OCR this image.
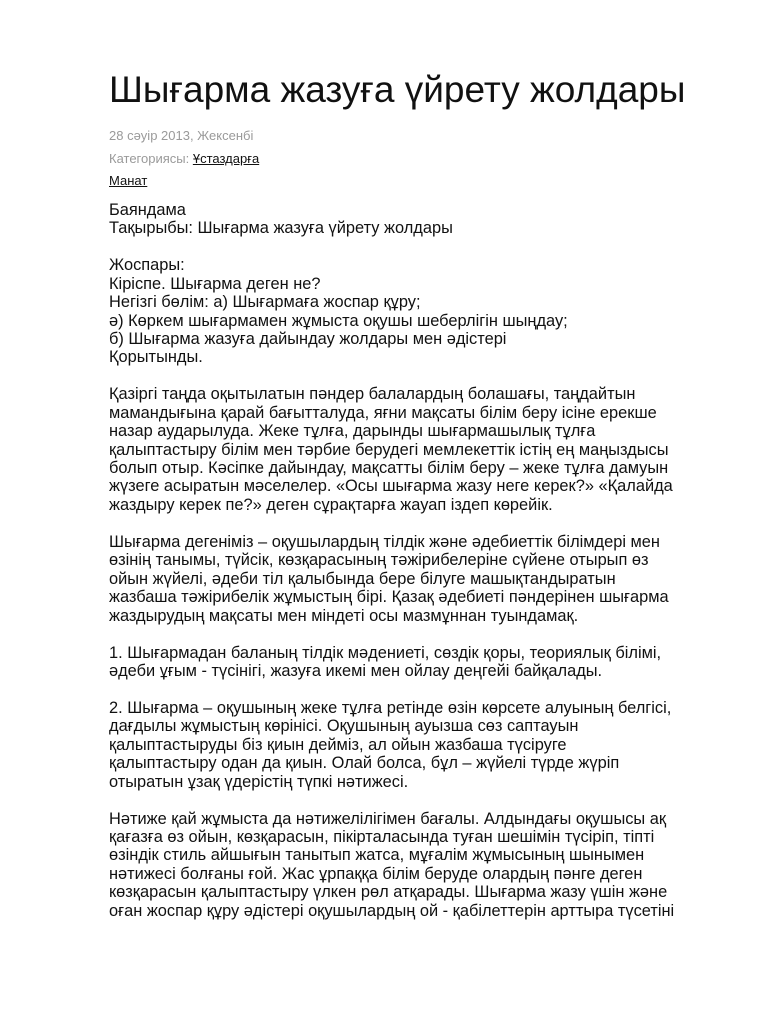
Шығарма жазуға үйрету жолдары
28 сәуір 2013, Жексенбі
Категориясы: Ұстаздарға
Манат
Баяндама
Тақырыбы: Шығарма жазуға үйрету жолдары
Жоспары:
Кіріспе. Шығарма деген не?
Негізгі бөлім: а) Шығармаға жоспар құру;
ә) Көркем шығармамен жұмыста оқушы шеберлігін шыңдау;
б) Шығарма жазуға дайындау жолдары мен әдістері
Қорытынды.
Қазіргі таңда оқытылатын пәндер балалардың болашағы, таңдайтын
мамандығына қарай бағытталуда, яғни мақсаты білім беру ісіне ерекше
назар аударылуда. Жеке тұлға, дарынды шығармашылық тұлға
қалыптастыру білім мен тәрбие берудегі мемлекеттік істің ең маңыздысы
болып отыр. Кәсіпке дайындау, мақсатты білім беру – жеке тұлға дамуын
жүзеге асыратын мәселелер. «Осы шығарма жазу неге керек?» «Қалайда
жаздыру керек пе?» деген сұрақтарға жауап іздеп көрейік.
Шығарма дегеніміз – оқушылардың тілдік және әдебиеттік білімдері мен
өзінің танымы, түйсік, көзқарасының тәжірибелеріне сүйене отырып өз
ойын жүйелі, әдеби тіл қалыбында бере білуге машықтандыратын
жазбаша тәжірибелік жұмыстың бірі. Қазақ әдебиеті пәндерінен шығарма
жаздырудың мақсаты мен міндеті осы мазмұннан туындамақ.
1. Шығармадан баланың тілдік мәдениеті, сөздік қоры, теориялық білімі,
әдеби ұғым - түсінігі, жазуға икемі мен ойлау деңгейі байқалады.
2. Шығарма – оқушының жеке тұлға ретінде өзін көрсете алуының белгісі,
дағдылы жұмыстың көрінісі. Оқушының ауызша сөз саптауын
қалыптастыруды біз қиын дейміз, ал ойын жазбаша түсіруге
қалыптастыру одан да қиын. Олай болса, бұл – жүйелі түрде жүріп
отыратын ұзақ үдерістің түпкі нәтижесі.
Нәтиже қай жұмыста да нәтижелілігімен бағалы. Алдындағы оқушысы ақ
қағазға өз ойын, көзқарасын, пікірталасында туған шешімін түсіріп, тіпті
өзіндік стиль айшығын танытып жатса, мұғалім жұмысының шынымен
нәтижесі болғаны ғой. Жас ұрпаққа білім беруде олардың пәнге деген
көзқарасын қалыптастыру үлкен рөл атқарады. Шығарма жазу үшін және
оған жоспар құру әдістері оқушылардың ой - қабілеттерін арттыра түсетіні
